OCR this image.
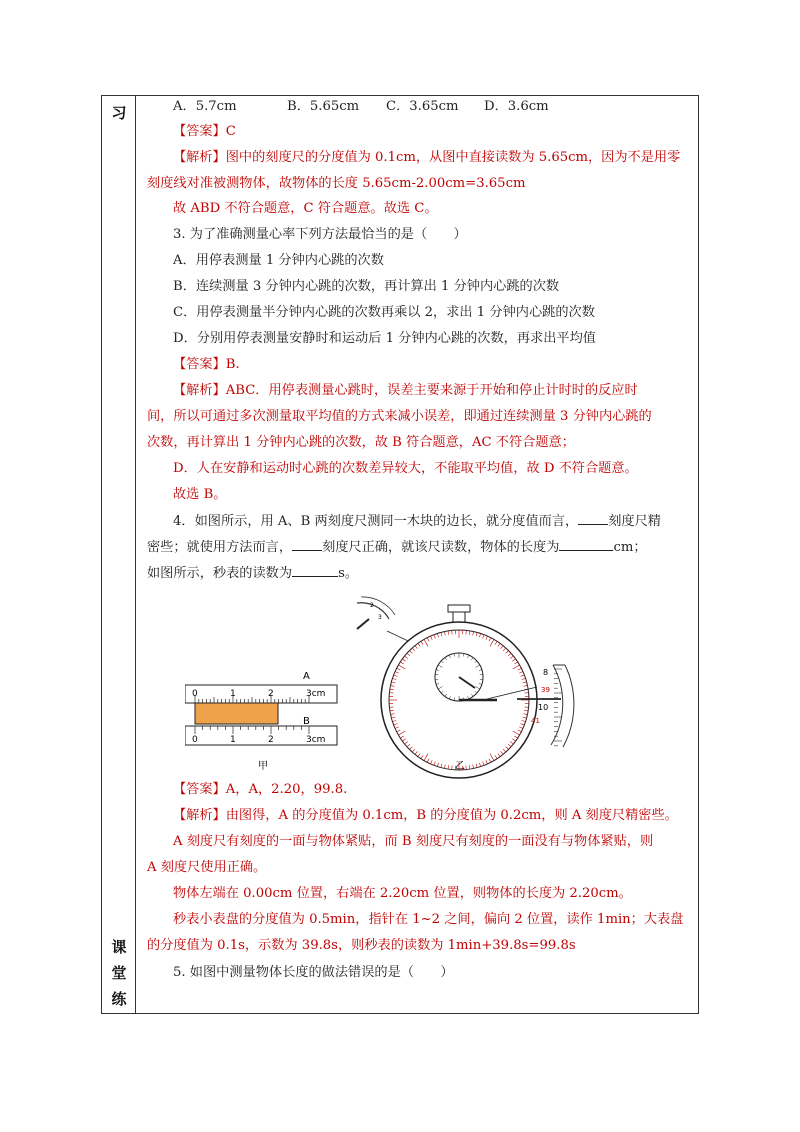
习
课
堂
练
A．5.7cm	B．5.65cm C．3.65cm D．3.6cm
【答案】C
【解析】图中的刻度尺的分度值为 0.1cm，从图中直接读数为 5.65cm，因为不是用零
刻度线对准被测物体，故物体的长度 5.65cm-2.00cm=3.65cm
故 ABD 不符合题意，C 符合题意。故选 C。
3. 为了准确测量心率下列方法最恰当的是（　　）
A．用停表测量 1 分钟内心跳的次数
B．连续测量 3 分钟内心跳的次数，再计算出 1 分钟内心跳的次数
C．用停表测量半分钟内心跳的次数再乘以 2，求出 1 分钟内心跳的次数
D．分别用停表测量安静时和运动后 1 分钟内心跳的次数，再求出平均值
【答案】B.
【解析】ABC．用停表测量心跳时，误差主要来源于开始和停止计时时的反应时
间，所以可通过多次测量取平均值的方式来减小误差，即通过连续测量 3 分钟内心跳的
次数，再计算出 1 分钟内心跳的次数，故 B 符合题意，AC 不符合题意；
D．人在安静和运动时心跳的次数差异较大，不能取平均值，故 D 不符合题意。
故选 B。
4．如图所示，用 A、B 两刻度尺测同一木块的边长，就分度值而言， 刻度尺精
密些；就使用方法而言， 刻度尺正确，就该尺读数，物体的长度为	cm；
如图所示，秒表的读数为	s。
A
0	1	2	3cm
B
0	1	2	3cm
甲
2
3
8
39
10
41
乙
【答案】A，A，2.20，99.8.
【解析】由图得，A 的分度值为 0.1cm，B 的分度值为 0.2cm，则 A 刻度尺精密些。
A 刻度尺有刻度的一面与物体紧贴，而 B 刻度尺有刻度的一面没有与物体紧贴，则
A 刻度尺使用正确。
物体左端在 0.00cm 位置，右端在 2.20cm 位置，则物体的长度为 2.20cm。
秒表小表盘的分度值为 0.5min，指针在 1~2 之间，偏向 2 位置，读作 1min；大表盘
的分度值为 0.1s，示数为 39.8s，则秒表的读数为 1min+39.8s=99.8s
5. 如图中测量物体长度的做法错误的是（　　）
